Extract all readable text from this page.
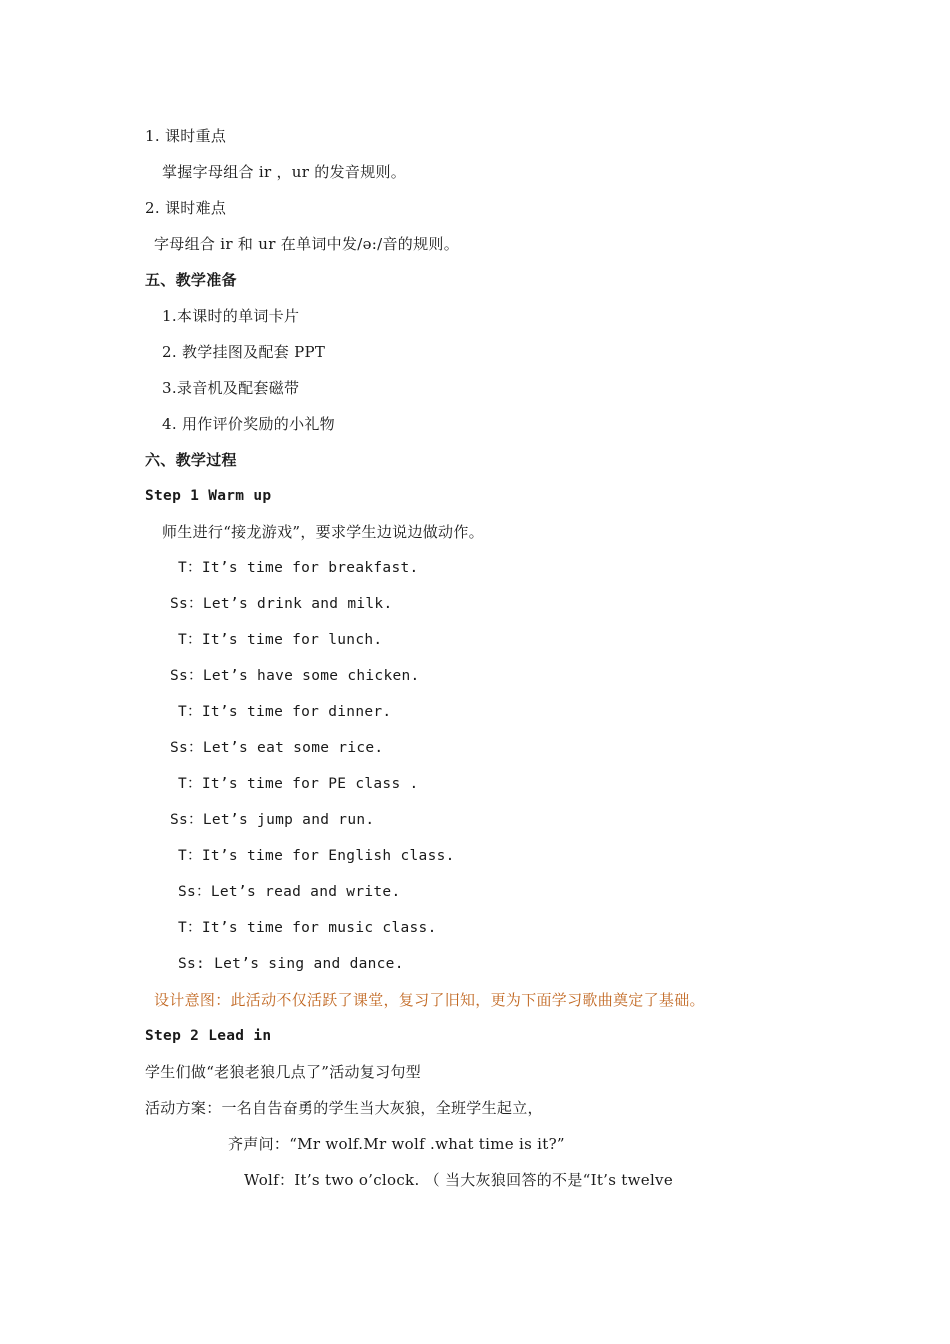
1. 课时重点
掌握字母组合 ir ，ur 的发音规则。
2. 课时难点
字母组合 ir 和 ur 在单词中发/ə:/音的规则。
五、教学准备
1.本课时的单词卡片
2. 教学挂图及配套 PPT
3.录音机及配套磁带
4. 用作评价奖励的小礼物
六、教学过程
Step 1 Warm up
师生进行“接龙游戏”，要求学生边说边做动作。
T：It’s time for breakfast.
Ss：Let’s drink and milk.
T：It’s time for lunch.
Ss：Let’s have some chicken.
T：It’s time for dinner.
Ss：Let’s eat some rice.
T：It’s time for PE class .
Ss：Let’s jump and run.
T：It’s time for English class.
Ss：Let’s read and write.
T：It’s time for music class.
Ss: Let’s sing and dance.
设计意图：此活动不仅活跃了课堂，复习了旧知，更为下面学习歌曲奠定了基础。
Step 2 Lead in
学生们做“老狼老狼几点了”活动复习句型
活动方案：一名自告奋勇的学生当大灰狼，全班学生起立，
齐声问：“Mr wolf.Mr wolf .what time is it?”
Wolf：It’s two o’clock. （ 当大灰狼回答的不是“It’s twelve
